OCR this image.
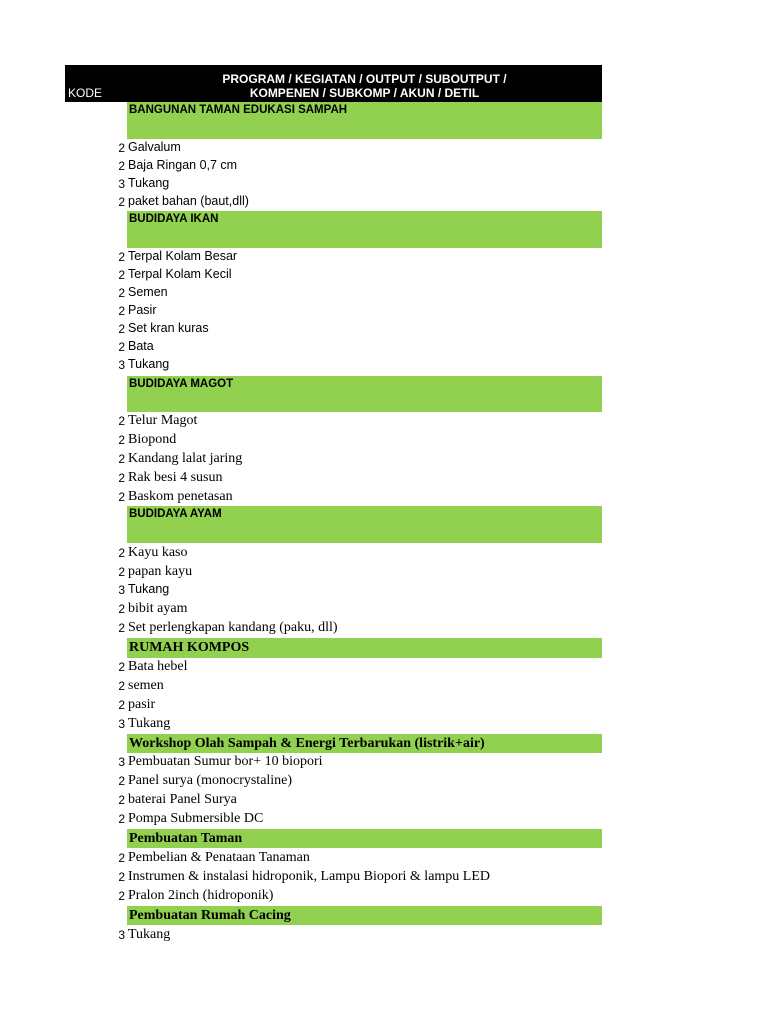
KODE
PROGRAM / KEGIATAN / OUTPUT / SUBOUTPUT /
KOMPENEN / SUBKOMP / AKUN / DETIL
BANGUNAN TAMAN EDUKASI SAMPAH
2 Galvalum
2 Baja Ringan 0,7 cm
3 Tukang
2 paket bahan (baut,dll)
BUDIDAYA IKAN
2 Terpal Kolam Besar
2 Terpal Kolam Kecil
2 Semen
2 Pasir
2 Set kran kuras
2 Bata
3 Tukang
BUDIDAYA MAGOT
2 Telur Magot
2 Biopond
2 Kandang lalat jaring
2 Rak besi 4 susun
2 Baskom penetasan
BUDIDAYA AYAM
2 Kayu kaso
2 papan kayu
3 Tukang
2 bibit ayam
2 Set perlengkapan kandang (paku, dll)
RUMAH KOMPOS
2 Bata hebel
2 semen
2 pasir
3 Tukang
Workshop Olah Sampah & Energi Terbarukan (listrik+air)
3 Pembuatan Sumur bor+ 10 biopori
2 Panel surya (monocrystaline)
2 baterai Panel Surya
2 Pompa Submersible DC
Pembuatan Taman
2 Pembelian & Penataan Tanaman
2 Instrumen & instalasi hidroponik, Lampu Biopori & lampu LED
2 Pralon 2inch (hidroponik)
Pembuatan Rumah Cacing
3 Tukang
